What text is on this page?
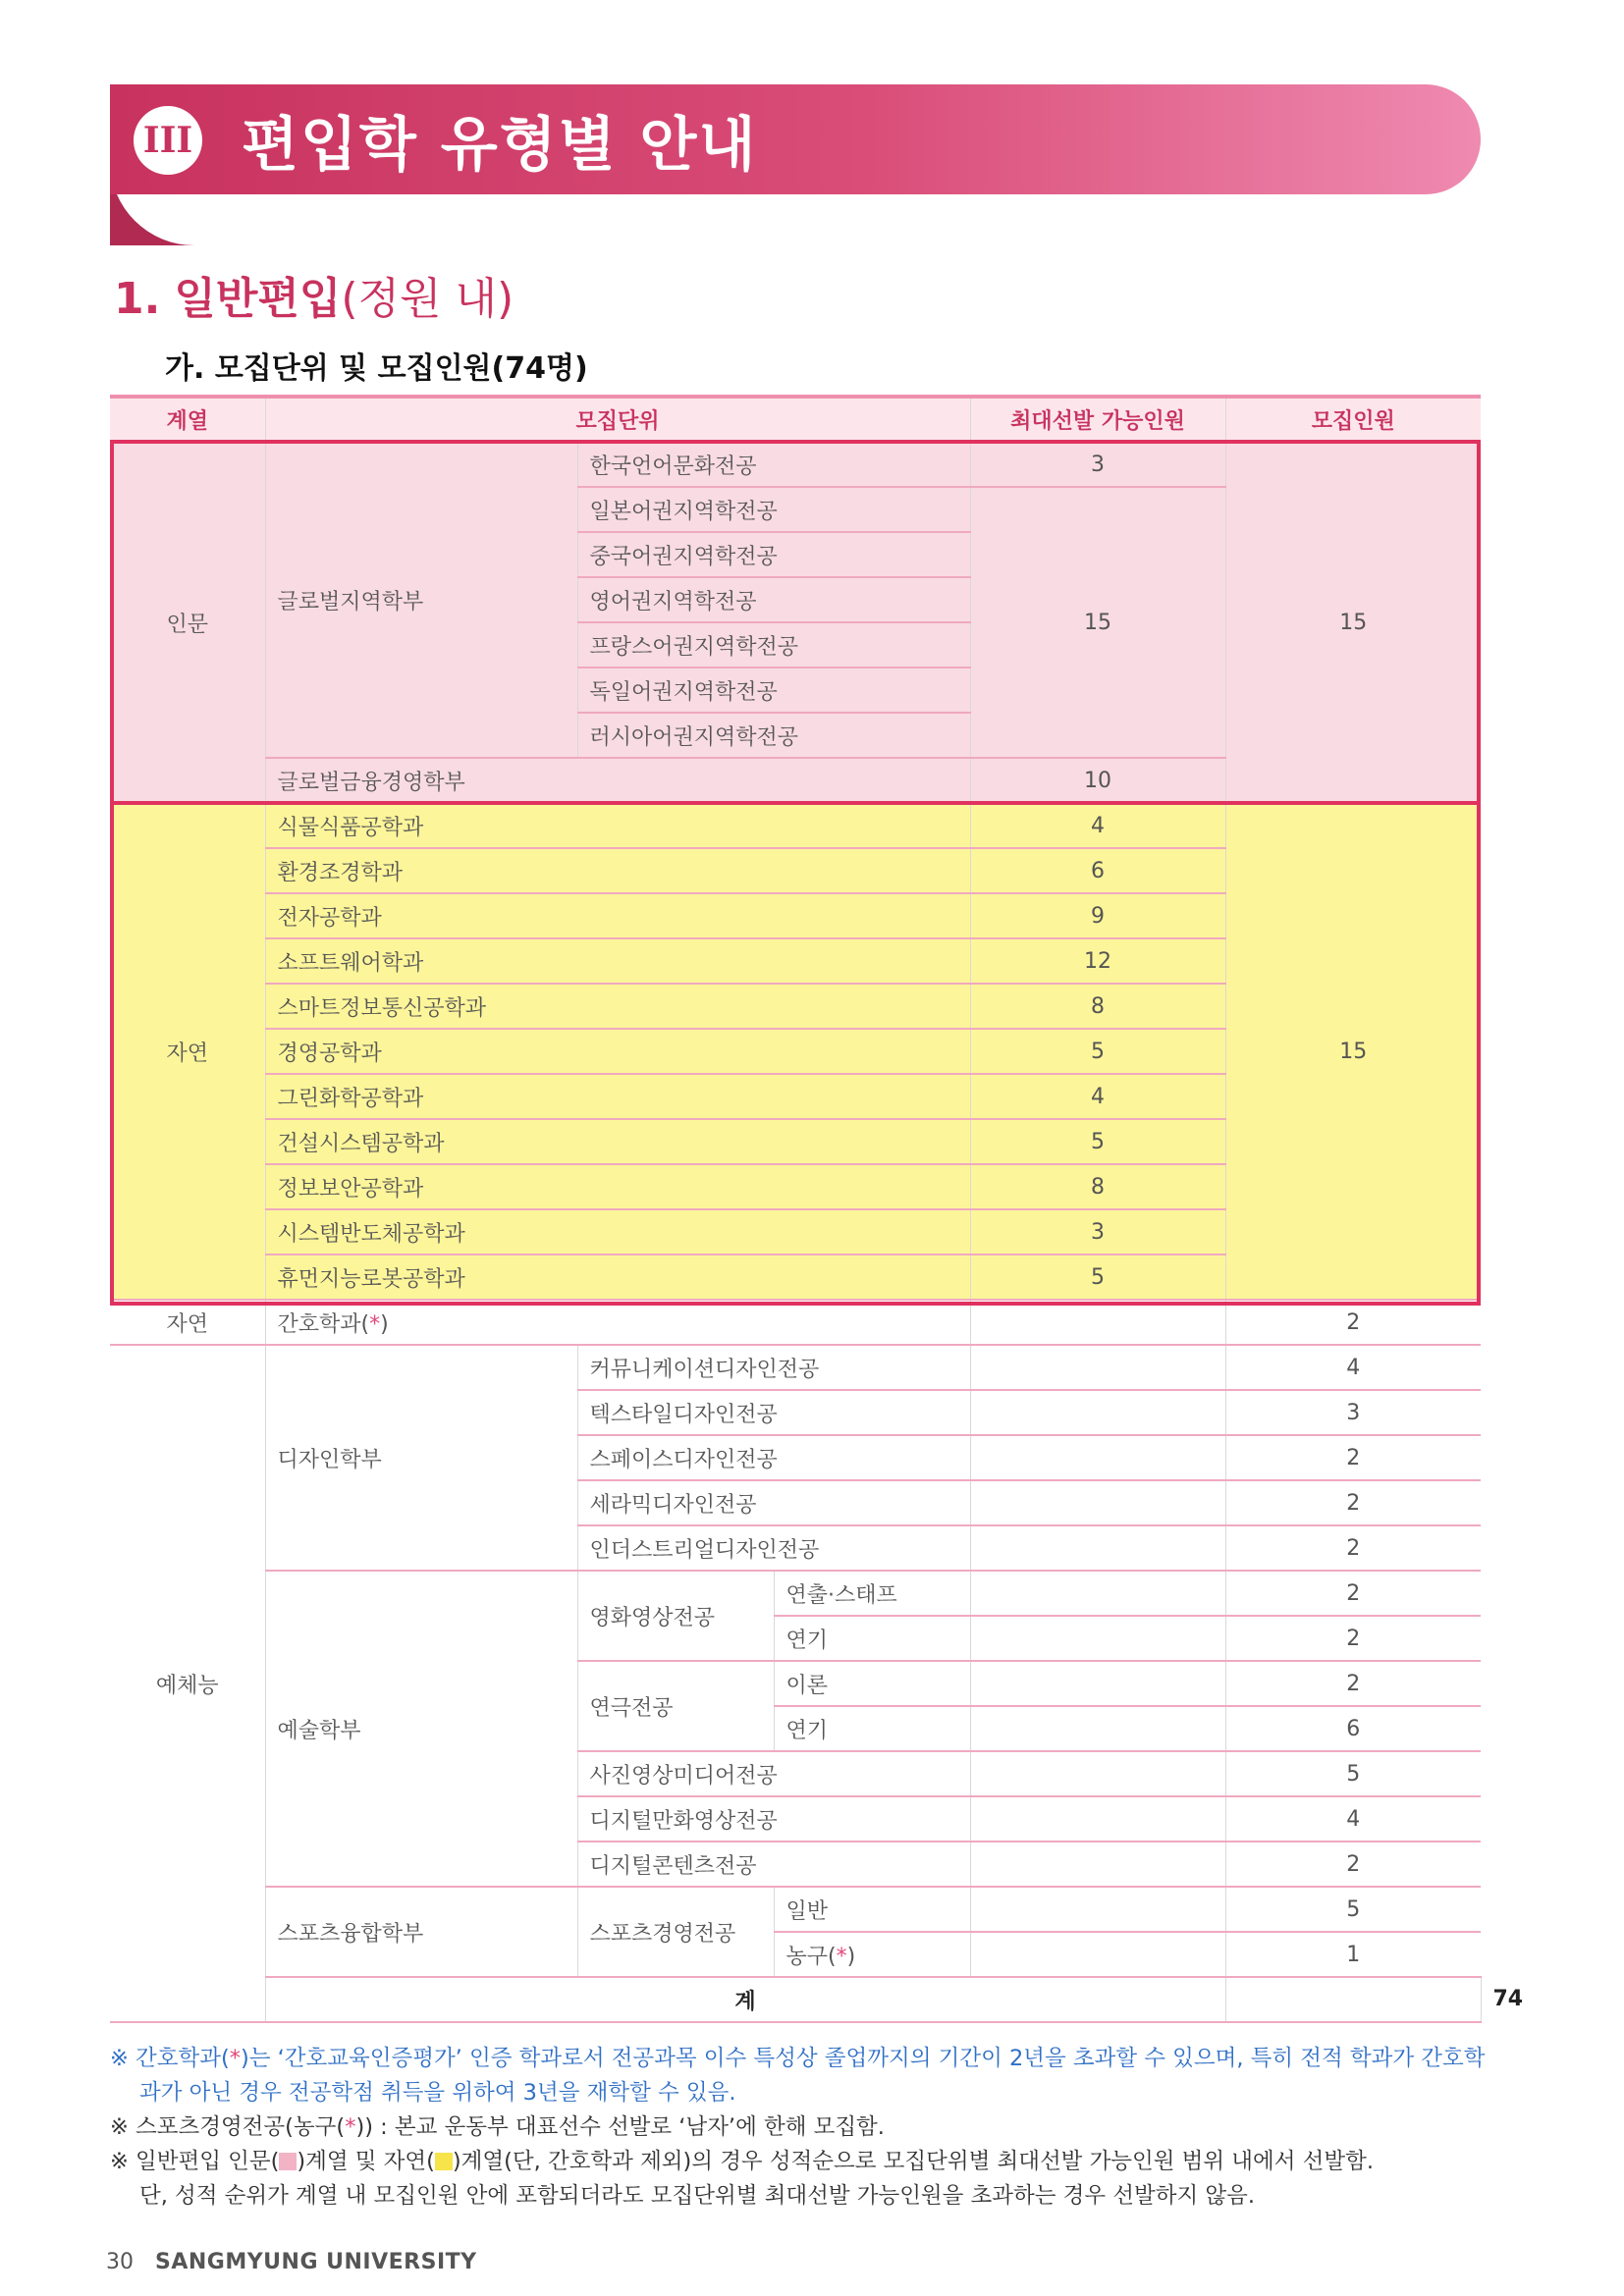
III 편입학 유형별 안내
1. 일반편입(정원 내)
가. 모집단위 및 모집인원(74명)
계열	모집단위			최대선발 가능인원	모집인원	
인문	글로벌지역학부	한국언어문화전공		3	15	
		일본어권지역학전공		15		
		중국어권지역학전공				
		영어권지역학전공				
		프랑스어권지역학전공				
		독일어권지역학전공				
		러시아어권지역학전공				
	글로벌금융경영학부			10		
자연	식물식품공학과			4	15	
	환경조경학과			6		
	전자공학과			9		
	소프트웨어학과			12		
	스마트정보통신공학과			8		
	경영공학과			5		
	그린화학공학과			4		
	건설시스템공학과			5		
	정보보안공학과			8		
	시스템반도체공학과			3		
	휴먼지능로봇공학과			5		
자연	간호학과(*)				2	
예체능	디자인학부	커뮤니케이션디자인전공			4	
		텍스타일디자인전공			3	
		스페이스디자인전공			2	
		세라믹디자인전공			2	
		인더스트리얼디자인전공			2	
	예술학부	영화영상전공	연출·스태프		2	
			연기		2	
		연극전공	이론		2	
			연기		6	
		사진영상미디어전공			5	
		디지털만화영상전공			4	
		디지털콘텐츠전공			2	
	스포츠융합학부	스포츠경영전공	일반		5	
			농구(*)		1	
	계					74

※ 간호학과(*)는 ‘간호교육인증평가’ 인증 학과로서 전공과목 이수 특성상 졸업까지의 기간이 2년을 초과할 수 있으며, 특히 전적 학과가 간호학과가 아닌 경우 전공학점 취득을 위하여 3년을 재학할 수 있음.

※ 스포츠경영전공(농구(*)) : 본교 운동부 대표선수 선발로 ‘남자’에 한해 모집함.

※ 일반편입 인문( )계열 및 자연( )계열(단, 간호학과 제외)의 경우 성적순으로 모집단위별 최대선발 가능인원 범위 내에서 선발함.
단, 성적 순위가 계열 내 모집인원 안에 포함되더라도 모집단위별 최대선발 가능인원을 초과하는 경우 선발하지 않음.

30 SANGMYUNG UNIVERSITY
